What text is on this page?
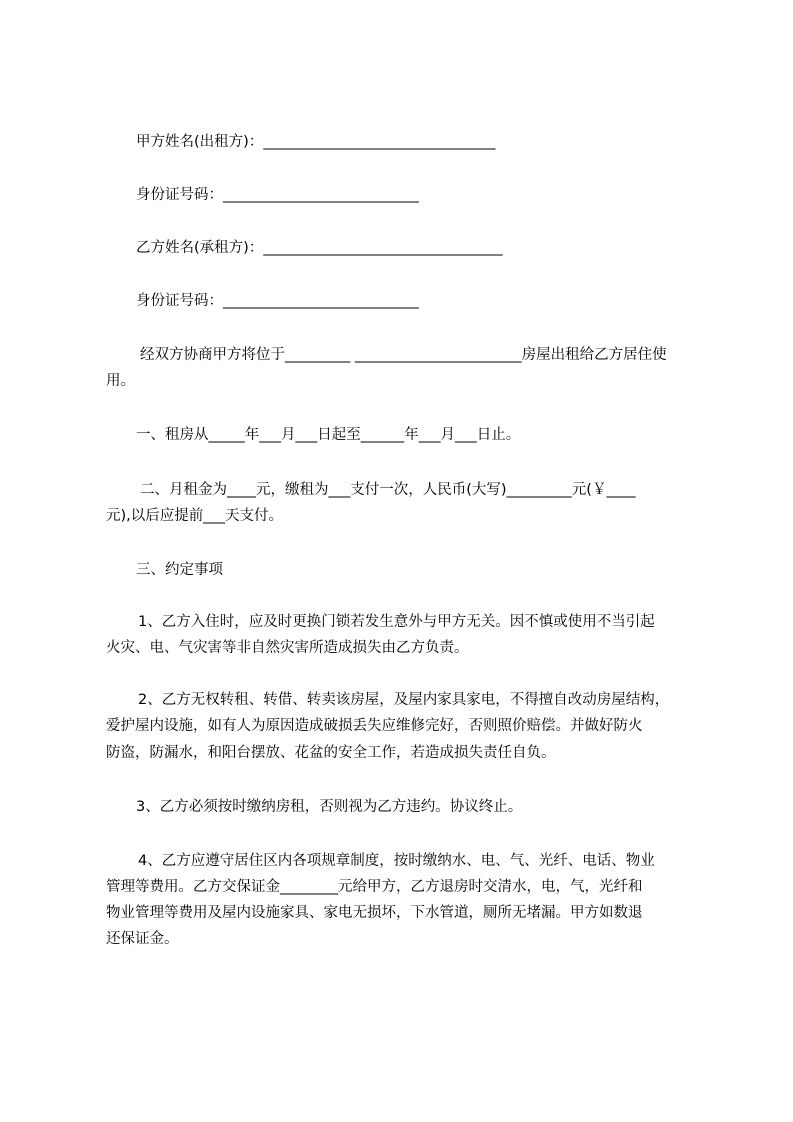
甲方姓名(出租方)：________________________________
身份证号码：___________________________
乙方姓名(承租方)：_________________________________
身份证号码：___________________________
经双方协商甲方将位于_________ _______________________房屋出租给乙方居住使
用。
一、租房从_____年___月___日起至______年___月___日止。
二、月租金为____元，缴租为___支付一次，人民币(大写)_________元(￥____
元),以后应提前___天支付。
三、约定事项
1、乙方入住时，应及时更换门锁若发生意外与甲方无关。因不慎或使用不当引起
火灾、电、气灾害等非自然灾害所造成损失由乙方负责。
2、乙方无权转租、转借、转卖该房屋，及屋内家具家电，不得擅自改动房屋结构，
爱护屋内设施，如有人为原因造成破损丢失应维修完好，否则照价赔偿。并做好防火
防盗，防漏水，和阳台摆放、花盆的安全工作，若造成损失责任自负。
3、乙方必须按时缴纳房租，否则视为乙方违约。协议终止。
4、乙方应遵守居住区内各项规章制度，按时缴纳水、电、气、光纤、电话、物业
管理等费用。乙方交保证金________元给甲方，乙方退房时交清水，电，气，光纤和
物业管理等费用及屋内设施家具、家电无损坏，下水管道，厕所无堵漏。甲方如数退
还保证金。
